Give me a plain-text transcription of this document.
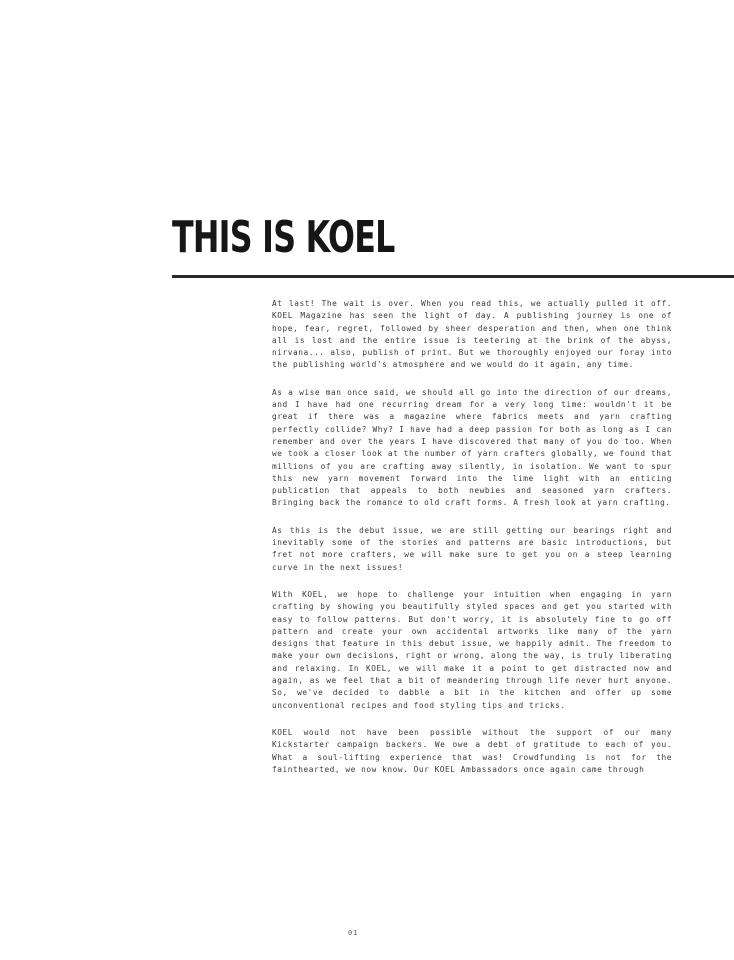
THIS IS KOEL

At last! The wait is over. When you read this, we actually pulled it off. KOEL Magazine has seen the light of day. A publishing journey is one of hope, fear, regret, followed by sheer desperation and then, when one think all is lost and the entire issue is teetering at the brink of the abyss, nirvana... also, publish of print. But we thoroughly enjoyed our foray into the publishing world's atmosphere and we would do it again, any time.

As a wise man once said, we should all go into the direction of our dreams, and I have had one recurring dream for a very long time: wouldn't it be great if there was a magazine where fabrics meets and yarn crafting perfectly collide? Why? I have had a deep passion for both as long as I can remember and over the years I have discovered that many of you do too. When we took a closer look at the number of yarn crafters globally, we found that millions of you are crafting away silently, in isolation. We want to spur this new yarn movement forward into the lime light with an enticing publication that appeals to both newbies and seasoned yarn crafters. Bringing back the romance to old craft forms. A fresh look at yarn crafting.

As this is the debut issue, we are still getting our bearings right and inevitably some of the stories and patterns are basic introductions, but fret not more crafters, we will make sure to get you on a steep learning curve in the next issues!

With KOEL, we hope to challenge your intuition when engaging in yarn crafting by showing you beautifully styled spaces and get you started with easy to follow patterns. But don't worry, it is absolutely fine to go off pattern and create your own accidental artworks like many of the yarn designs that feature in this debut issue, we happily admit. The freedom to make your own decisions, right or wrong, along the way, is truly liberating and relaxing. In KOEL, we will make it a point to get distracted now and again, as we feel that a bit of meandering through life never hurt anyone. So, we've decided to dabble a bit in the kitchen and offer up some unconventional recipes and food styling tips and tricks.

KOEL would not have been possible without the support of our many Kickstarter campaign backers. We owe a debt of gratitude to each of you. What a soul-lifting experience that was! Crowdfunding is not for the fainthearted, we now know. Our KOEL Ambassadors once again came through

01
